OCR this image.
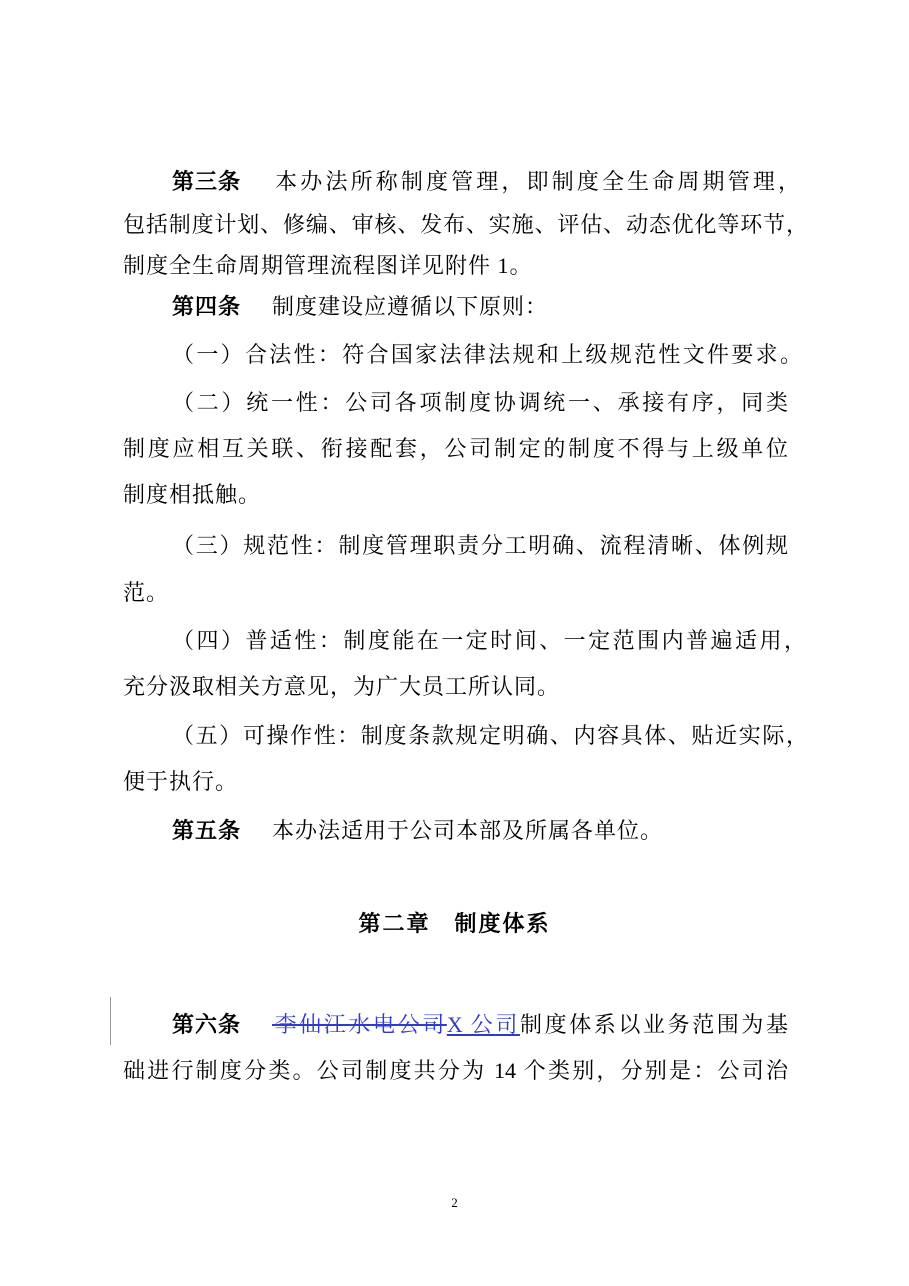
第三条 本办法所称制度管理，即制度全生命周期管理，
包括制度计划、修编、审核、发布、实施、评估、动态优化等环节，
制度全生命周期管理流程图详见附件 1。
第四条 制度建设应遵循以下原则：
（一）合法性：符合国家法律法规和上级规范性文件要求。
（二）统一性：公司各项制度协调统一、承接有序，同类
制度应相互关联、衔接配套，公司制定的制度不得与上级单位
制度相抵触。
（三）规范性：制度管理职责分工明确、流程清晰、体例规
范。
（四）普适性：制度能在一定时间、一定范围内普遍适用，
充分汲取相关方意见，为广大员工所认同。
（五）可操作性：制度条款规定明确、内容具体、贴近实际，
便于执行。
第五条 本办法适用于公司本部及所属各单位。
第二章　制度体系
第六条 李仙江水电公司X 公司制度体系以业务范围为基
础进行制度分类。公司制度共分为 14 个类别，分别是：公司治
2
